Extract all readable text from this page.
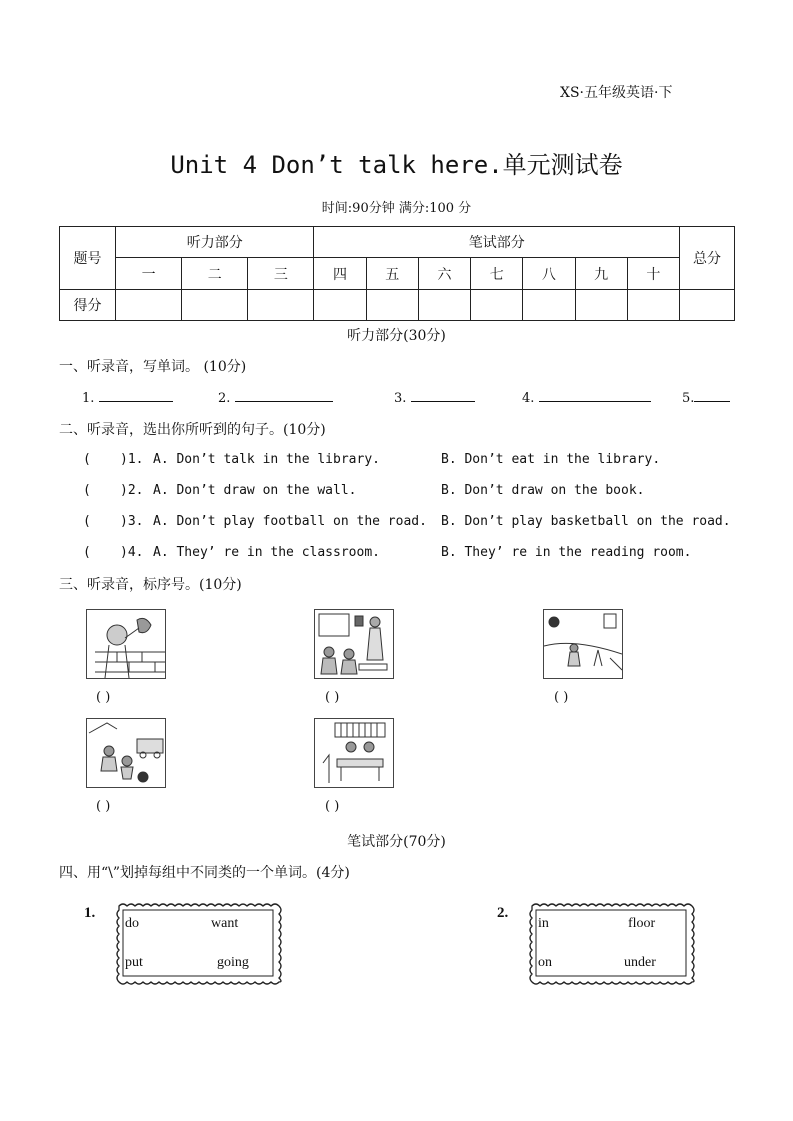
XS·五年级英语·下
Unit 4 Don’t talk here.单元测试卷
时间:90分钟 满分:100 分
题号	听力部分			笔试部分							总分
	一	二	三	四	五	六	七	八	九	十	
得分											
听力部分(30分)
一、听录音，写单词。 (10分)
1.	2.	3.	4.	5.
二、听录音，选出你所听到的句子。(10分)
( )1. A. Don’t talk in the library.	B. Don’t eat in the library.
( )2. A. Don’t draw on the wall.	B. Don’t draw on the book.
( )3. A. Don’t play football on the road. B. Don’t play basketball on the road.
( )4. A. They’ re in the classroom.	B. They’ re in the reading room.
三、听录音，标序号。(10分)
( )	( )	( )
( )	( )
笔试部分(70分)
四、用“\”划掉每组中不同类的一个单词。(4分)
1.
do	want
put	going
2.
in	floor
on	under
